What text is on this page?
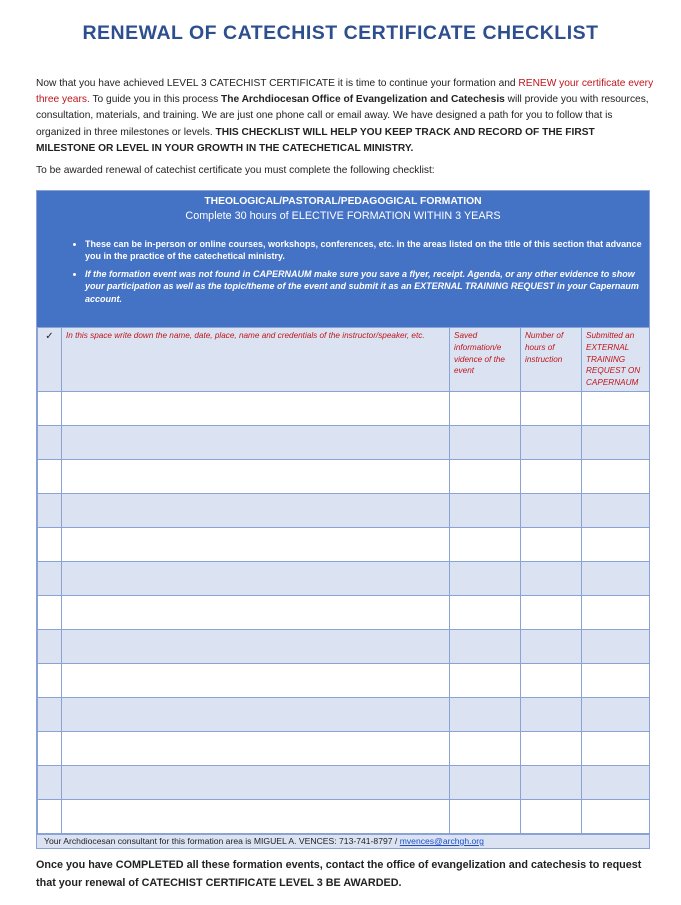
RENEWAL OF CATECHIST CERTIFICATE CHECKLIST
Now that you have achieved LEVEL 3 CATECHIST CERTIFICATE it is time to continue your formation and RENEW your certificate every three years. To guide you in this process The Archdiocesan Office of Evangelization and Catechesis will provide you with resources, consultation, materials, and training. We are just one phone call or email away. We have designed a path for you to follow that is organized in three milestones or levels. THIS CHECKLIST WILL HELP YOU KEEP TRACK AND RECORD OF THE FIRST MILESTONE OR LEVEL IN YOUR GROWTH IN THE CATECHETICAL MINISTRY.
To be awarded renewal of catechist certificate you must complete the following checklist:
THEOLOGICAL/PASTORAL/PEDAGOGICAL FORMATION
Complete 30 hours of ELECTIVE FORMATION WITHIN 3 YEARS
• These can be in-person or online courses, workshops, conferences, etc. in the areas listed on the title of this section that advance you in the practice of the catechetical ministry.
• If the formation event was not found in CAPERNAUM make sure you save a flyer, receipt. Agenda, or any other evidence to show your participation as well as the topic/theme of the event and submit it as an EXTERNAL TRAINING REQUEST in your Capernaum account.
✓	In this space write down the name, date, place, name and credentials of the instructor/speaker, etc.	Saved information/e vidence of the event	Number of hours of instruction	Submitted an EXTERNAL TRAINING REQUEST ON CAPERNAUM

Your Archdiocesan consultant for this formation area is MIGUEL A. VENCES: 713-741-8797 / mvences@archgh.org
Once you have COMPLETED all these formation events, contact the office of evangelization and catechesis to request that your renewal of CATECHIST CERTIFICATE LEVEL 3 BE AWARDED.
